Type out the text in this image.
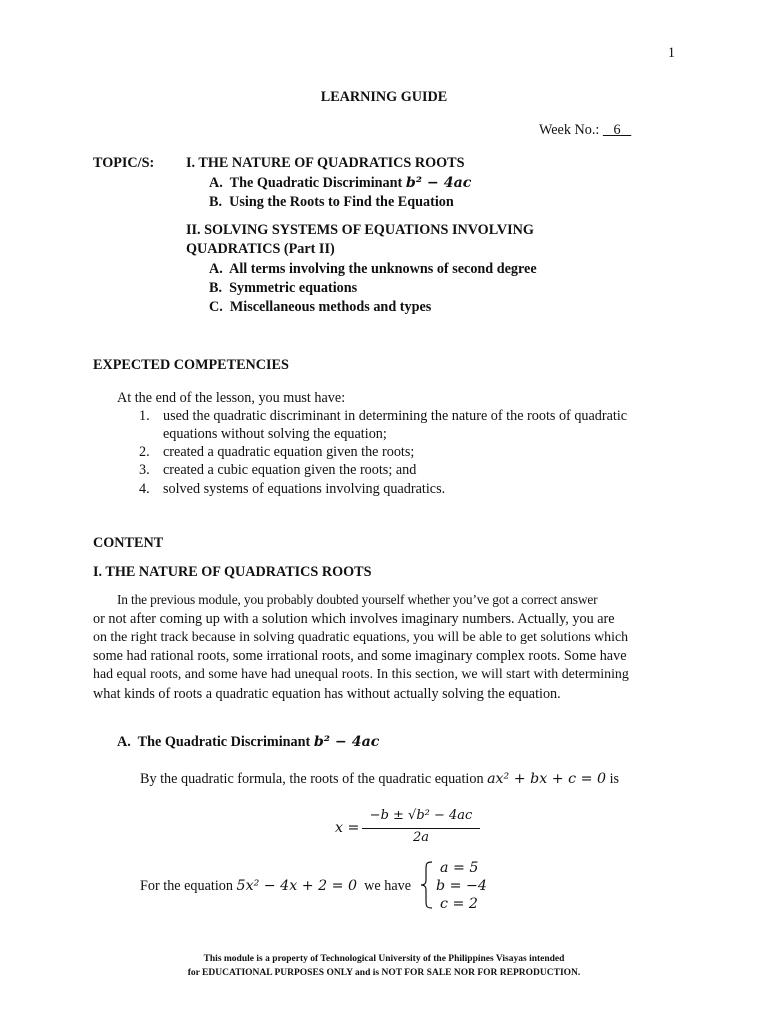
1
LEARNING GUIDE
Week No.: 6
TOPIC/S: I. THE NATURE OF QUADRATICS ROOTS
A. The Quadratic Discriminant b² − 4ac
B. Using the Roots to Find the Equation
II. SOLVING SYSTEMS OF EQUATIONS INVOLVING
QUADRATICS (Part II)
A. All terms involving the unknowns of second degree
B. Symmetric equations
C. Miscellaneous methods and types
EXPECTED COMPETENCIES
At the end of the lesson, you must have:
1. used the quadratic discriminant in determining the nature of the roots of quadratic
equations without solving the equation;
2. created a quadratic equation given the roots;
3. created a cubic equation given the roots; and
4. solved systems of equations involving quadratics.
CONTENT
I. THE NATURE OF QUADRATICS ROOTS
In the previous module, you probably doubted yourself whether you’ve got a correct answer
or not after coming up with a solution which involves imaginary numbers. Actually, you are
on the right track because in solving quadratic equations, you will be able to get solutions which
some had rational roots, some irrational roots, and some imaginary complex roots. Some have
had equal roots, and some have had unequal roots. In this section, we will start with determining
what kinds of roots a quadratic equation has without actually solving the equation.
A. The Quadratic Discriminant b² − 4ac
By the quadratic formula, the roots of the quadratic equation ax² + bx + c = 0 is
x =
−b ± √b² − 4ac
2a
For the equation 5x² − 4x + 2 = 0 we have
a = 5
b = −4
c = 2
This module is a property of Technological University of the Philippines Visayas intended
for EDUCATIONAL PURPOSES ONLY and is NOT FOR SALE NOR FOR REPRODUCTION.
